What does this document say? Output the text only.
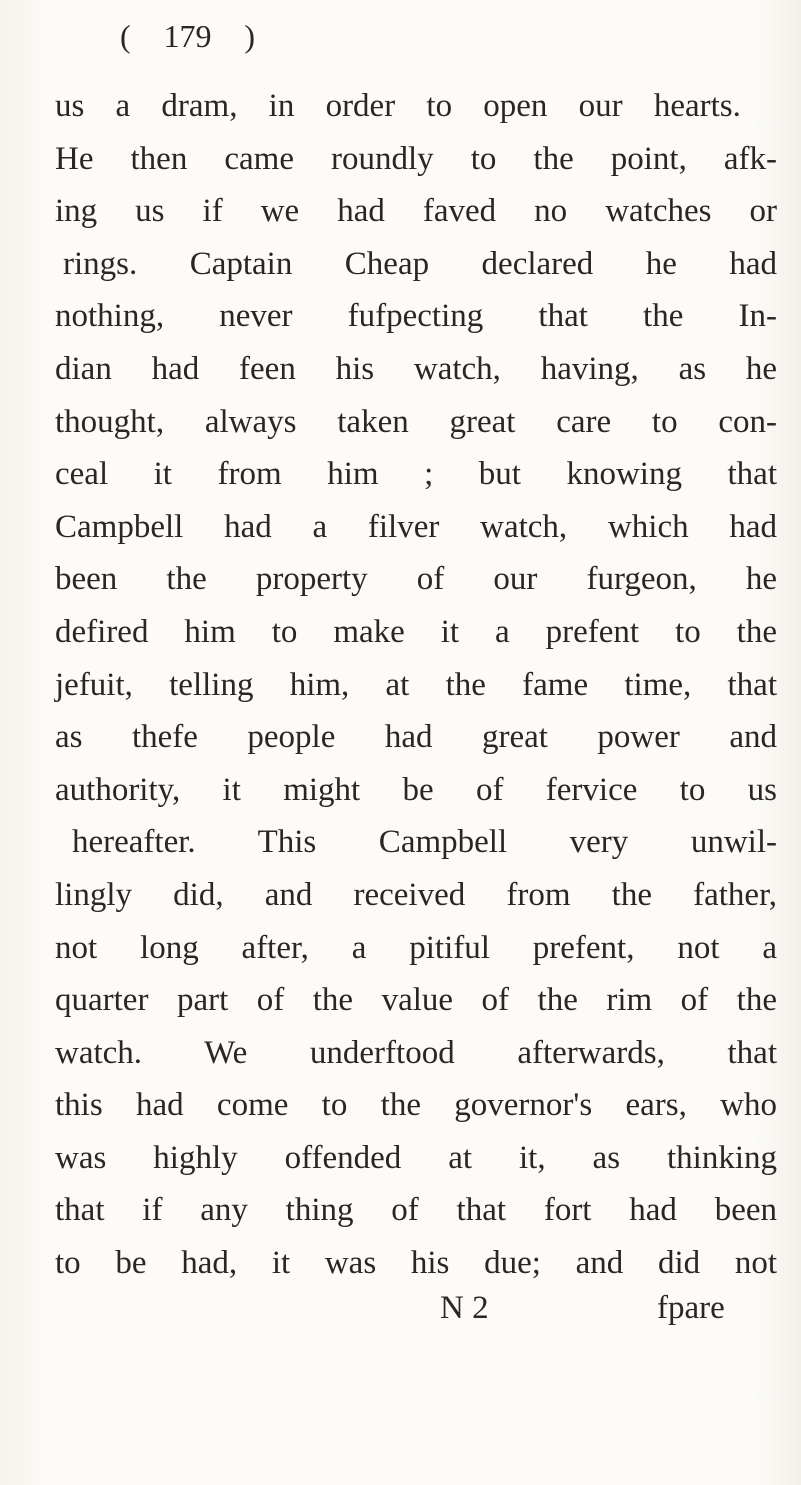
( 179 )
us a dram, in order to open our hearts.
He then came roundly to the point, afk-
ing us if we had faved no watches or
rings. Captain Cheap declared he had
nothing, never fufpecting that the In-
dian had feen his watch, having, as he
thought, always taken great care to con-
ceal it from him ; but knowing that
Campbell had a filver watch, which had
been the property of our furgeon, he
defired him to make it a prefent to the
jefuit, telling him, at the fame time, that
as thefe people had great power and
authority, it might be of fervice to us
hereafter. This Campbell very unwil-
lingly did, and received from the father,
not long after, a pitiful prefent, not a
quarter part of the value of the rim of the
watch. We underftood afterwards, that
this had come to the governor's ears, who
was highly offended at it, as thinking
that if any thing of that fort had been
to be had, it was his due; and did not
N 2	fpare
